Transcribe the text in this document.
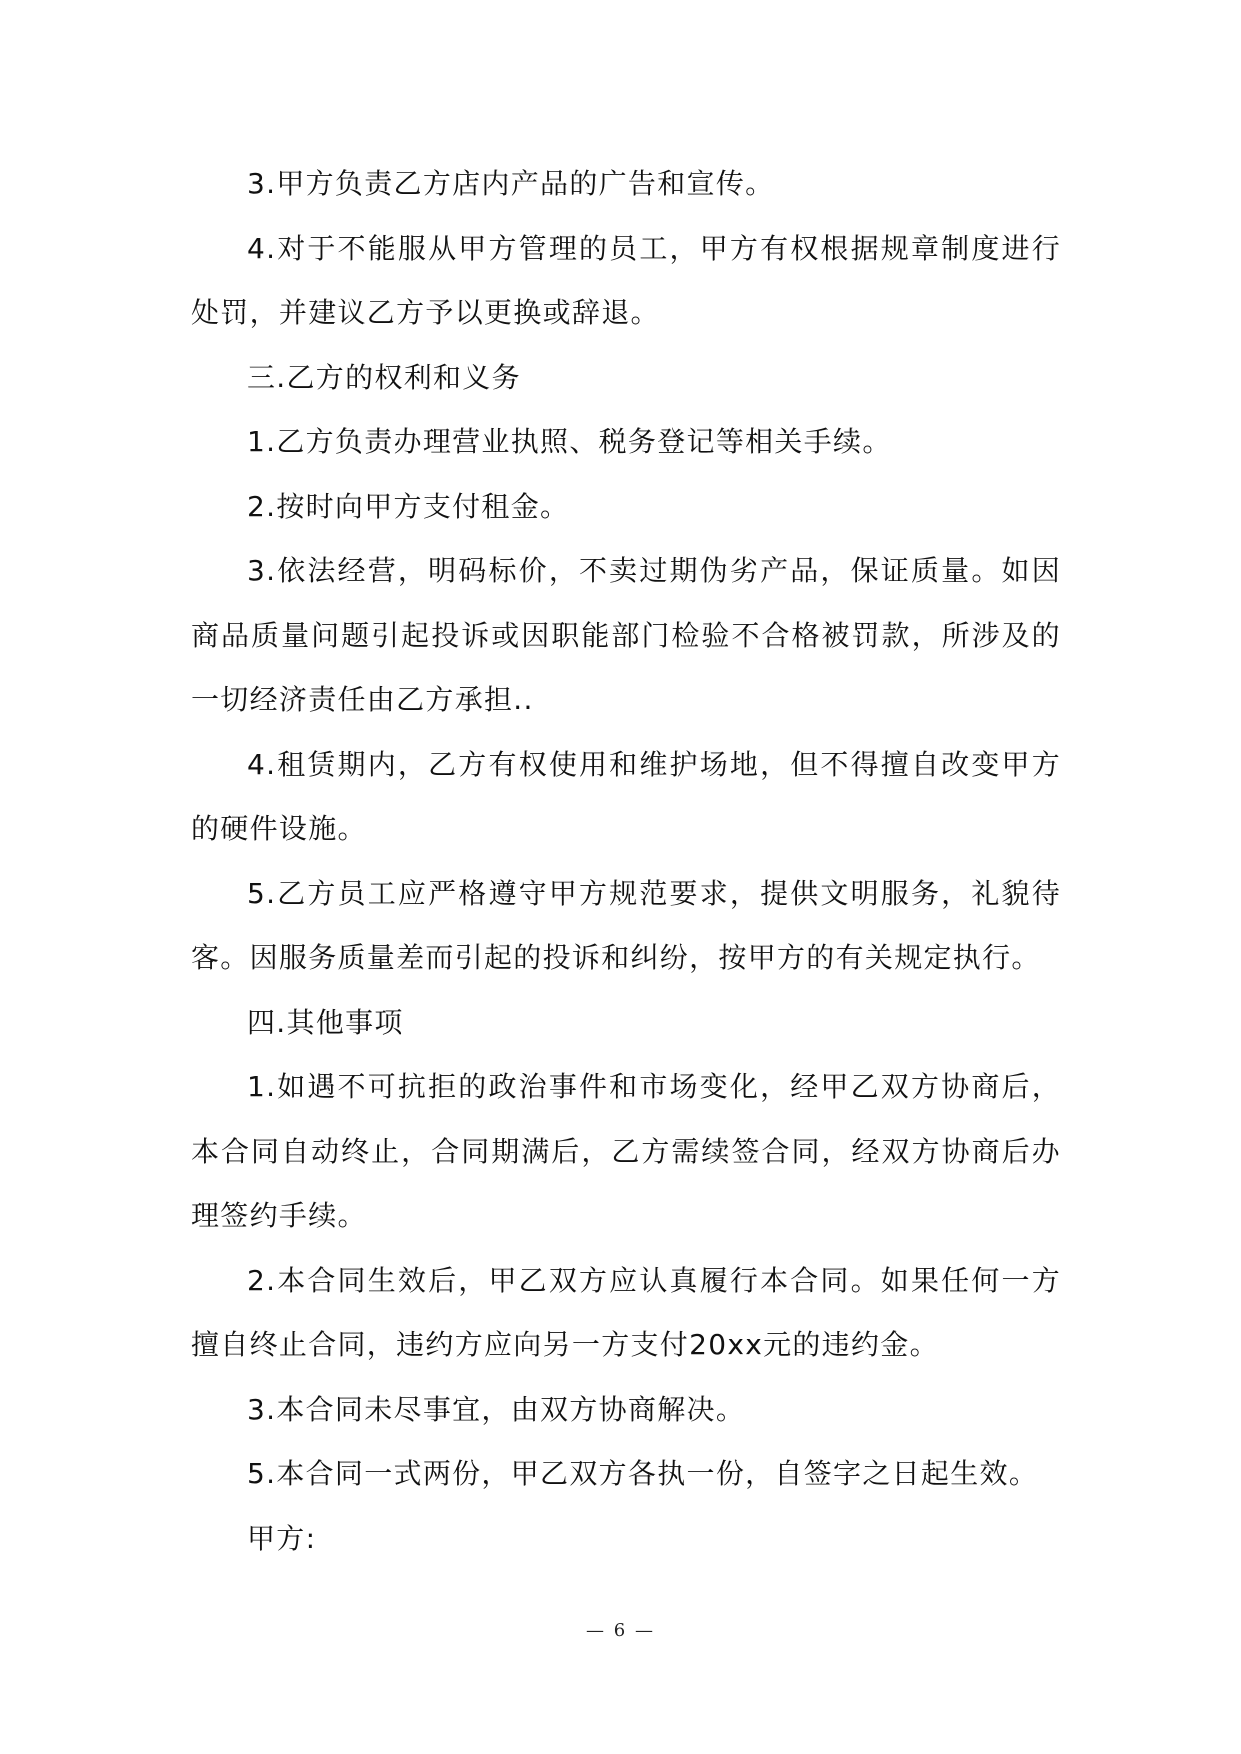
3.甲方负责乙方店内产品的广告和宣传。

4.对于不能服从甲方管理的员工，甲方有权根据规章制度进行处罚，并建议乙方予以更换或辞退。

三.乙方的权利和义务

1.乙方负责办理营业执照、税务登记等相关手续。

2.按时向甲方支付租金。

3.依法经营，明码标价，不卖过期伪劣产品，保证质量。如因商品质量问题引起投诉或因职能部门检验不合格被罚款，所涉及的一切经济责任由乙方承担..

4.租赁期内，乙方有权使用和维护场地，但不得擅自改变甲方的硬件设施。

5.乙方员工应严格遵守甲方规范要求，提供文明服务，礼貌待客。因服务质量差而引起的投诉和纠纷，按甲方的有关规定执行。

四.其他事项

1.如遇不可抗拒的政治事件和市场变化，经甲乙双方协商后，本合同自动终止，合同期满后，乙方需续签合同，经双方协商后办理签约手续。

2.本合同生效后，甲乙双方应认真履行本合同。如果任何一方擅自终止合同，违约方应向另一方支付20xx元的违约金。

3.本合同未尽事宜，由双方协商解决。

5.本合同一式两份，甲乙双方各执一份，自签字之日起生效。

甲方:

— 6 —
